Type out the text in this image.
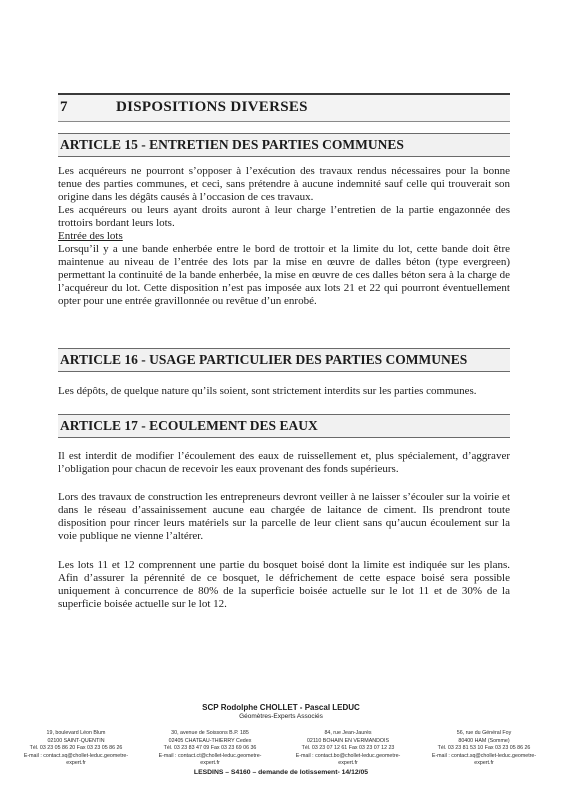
7	DISPOSITIONS DIVERSES
ARTICLE 15 - ENTRETIEN DES PARTIES COMMUNES

Les acquéreurs ne pourront s’opposer à l’exécution des travaux rendus nécessaires pour la bonne tenue des parties communes, et ceci, sans prétendre à aucune indemnité sauf celle qui trouverait son origine dans les dégâts causés à l’occasion de ces travaux.

Les acquéreurs ou leurs ayant droits auront à leur charge l’entretien de la partie engazonnée des trottoirs bordant leurs lots.

Entrée des lots

Lorsqu’il y a une bande enherbée entre le bord de trottoir et la limite du lot, cette bande doit être maintenue au niveau de l’entrée des lots par la mise en œuvre de dalles béton (type evergreen) permettant la continuité de la bande enherbée, la mise en œuvre de ces dalles béton sera à la charge de l’acquéreur du lot. Cette disposition n’est pas imposée aux lots 21 et 22 qui pourront éventuellement opter pour une entrée gravillonnée ou revêtue d’un enrobé.

ARTICLE 16 - USAGE PARTICULIER DES PARTIES COMMUNES

Les dépôts, de quelque nature qu’ils soient, sont strictement interdits sur les parties communes.

ARTICLE 17 - ECOULEMENT DES EAUX

Il est interdit de modifier l’écoulement des eaux de ruissellement et, plus spécialement, d’aggraver l’obligation pour chacun de recevoir les eaux provenant des fonds supérieurs.

Lors des travaux de construction les entrepreneurs devront veiller à ne laisser s’écouler sur la voirie et dans le réseau d’assainissement aucune eau chargée de laitance de ciment. Ils prendront toute disposition pour rincer leurs matériels sur la parcelle de leur client sans qu’aucun écoulement sur la voie publique ne vienne l’altérer.

Les lots 11 et 12 comprennent une partie du bosquet boisé dont la limite est indiquée sur les plans. Afin d’assurer la pérennité de ce bosquet, le défrichement de cette espace boisé sera possible uniquement à concurrence de 80% de la superficie boisée actuelle sur le lot 11 et de 30% de la superficie boisée actuelle sur le lot 12.

SCP Rodolphe CHOLLET - Pascal LEDUC
Géomètres-Experts Associés
19, boulevard Léon Blum
02100 SAINT-QUENTIN
Tél. 03 23 05 86 20 Fax 03 23 05 86 26
E-mail : contact.sq@chollet-leduc.geometre-expert.fr
30, avenue de Soissons B.P. 185
02405 CHATEAU-THIERRY Cedex
Tél. 03 23 83 47 09 Fax 03 23 69 06 36
E-mail : contact.ct@chollet-leduc.geometre-expert.fr
84, rue Jean-Jaurès
02110 BOHAIN EN VERMANDOIS
Tél. 03 23 07 12 61 Fax 03 23 07 12 23
E-mail : contact.bo@chollet-leduc.geometre-expert.fr
56, rue du Général Foy
80400 HAM (Somme)
Tél. 03 23 81 53 10 Fax 03 23 05 86 26
E-mail : contact.sq@chollet-leduc.geometre-expert.fr
LESDINS – S4160 – demande de lotissement- 14/12/05
